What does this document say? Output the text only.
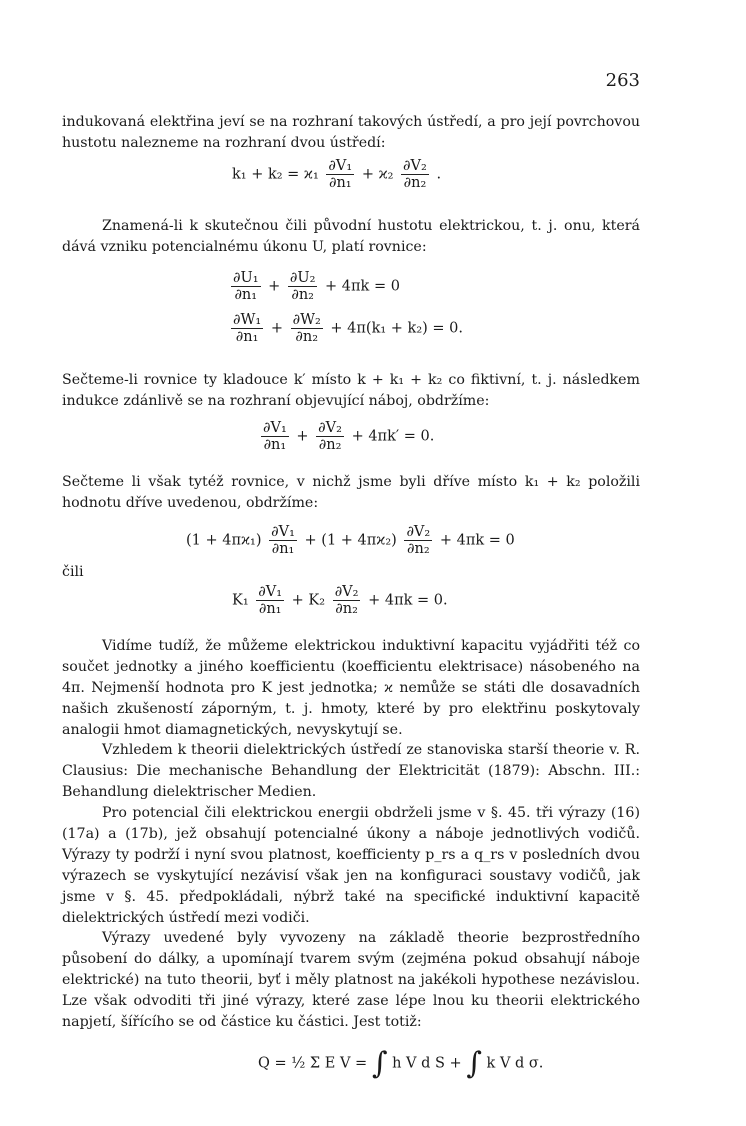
263
indukovaná elektřina jeví se na rozhraní takových ústředí, a pro její povrchovou hustotu nalezneme na rozhraní dvou ústředí:
$k_1 + k_2 = ϰ_1 \frac{\text{∂V₁}}{\text{∂n₁}} + ϰ_2 \frac{\text{∂V₂}}{\text{∂n₂}}$ .
Znamená-li k skutečnou čili původní hustotu elektrickou, t. j. onu, která dává vzniku potencialnému úkonu U, platí rovnice:
$\frac{\text{∂U₁}}{\text{∂n₁}} + \frac{\text{∂U₂}}{\text{∂n₂}} + 4\pi k = 0$
$\frac{\text{∂W₁}}{\text{∂n₁}} + \frac{\text{∂W₂}}{\text{∂n₂}} + 4\pi(k_1 + k_2) = 0$.
Sečteme-li rovnice ty kladouce k′ místo k + k₁ + k₂ co fiktivní, t. j. následkem indukce zdánlivě se na rozhraní objevující náboj, obdržíme:
$\frac{\text{∂V₁}}{\text{∂n₁}} + \frac{\text{∂V₂}}{\text{∂n₂}} + 4\pi k' = 0$.
Sečteme li však tytéž rovnice, v nichž jsme byli dříve místo k₁ + k₂ položili hodnotu dříve uvedenou, obdržíme:
$(1 + 4\pi ϰ_1) \frac{\text{∂V₁}}{\text{∂n₁}} + (1 + 4\pi ϰ_2) \frac{\text{∂V₂}}{\text{∂n₂}} + 4\pi k = 0$
čili
$K_1 \frac{\text{∂V₁}}{\text{∂n₁}} + K_2 \frac{\text{∂V₂}}{\text{∂n₂}} + 4\pi k = 0$.
Vidíme tudíž, že můžeme elektrickou induktivní kapacitu vyjádřiti též co součet jednotky a jiného koefficientu (koefficientu elektrisace) násobeného na 4π. Nejmenší hodnota pro K jest jednotka; ϰ nemůže se státi dle dosavadních našich zkušeností záporným, t. j. hmoty, které by pro elektřinu poskytovaly analogii hmot diamagnetických, nevyskytují se.
Vzhledem k theorii dielektrických ústředí ze stanoviska starší theorie v. R. Clausius: Die mechanische Behandlung der Elektricität (1879): Abschn. III.: Behandlung dielektrischer Medien.
Pro potencial čili elektrickou energii obdrželi jsme v §. 45. tři výrazy (16) (17a) a (17b), jež obsahují potencialné úkony a náboje jednotlivých vodičů. Výrazy ty podrží i nyní svou platnost, koefficienty p_rs a q_rs v posledních dvou výrazech se vyskytující nezávisí však jen na konfiguraci soustavy vodičů, jak jsme v §. 45. předpokládali, nýbrž také na specifické induktivní kapacitě dielektrických ústředí mezi vodiči.
Výrazy uvedené byly vyvozeny na základě theorie bezprostředního působení do dálky, a upomínají tvarem svým (zejména pokud obsahují náboje elektrické) na tuto theorii, byť i měly platnost na jakékoli hypothese nezávislou. Lze však odvoditi tři jiné výrazy, které zase lépe lnou ku theorii elektrického napjetí, šířícího se od částice ku částici. Jest totiž:
Q = ½ Σ E V = ∫ h V d S + ∫ k V d σ.
